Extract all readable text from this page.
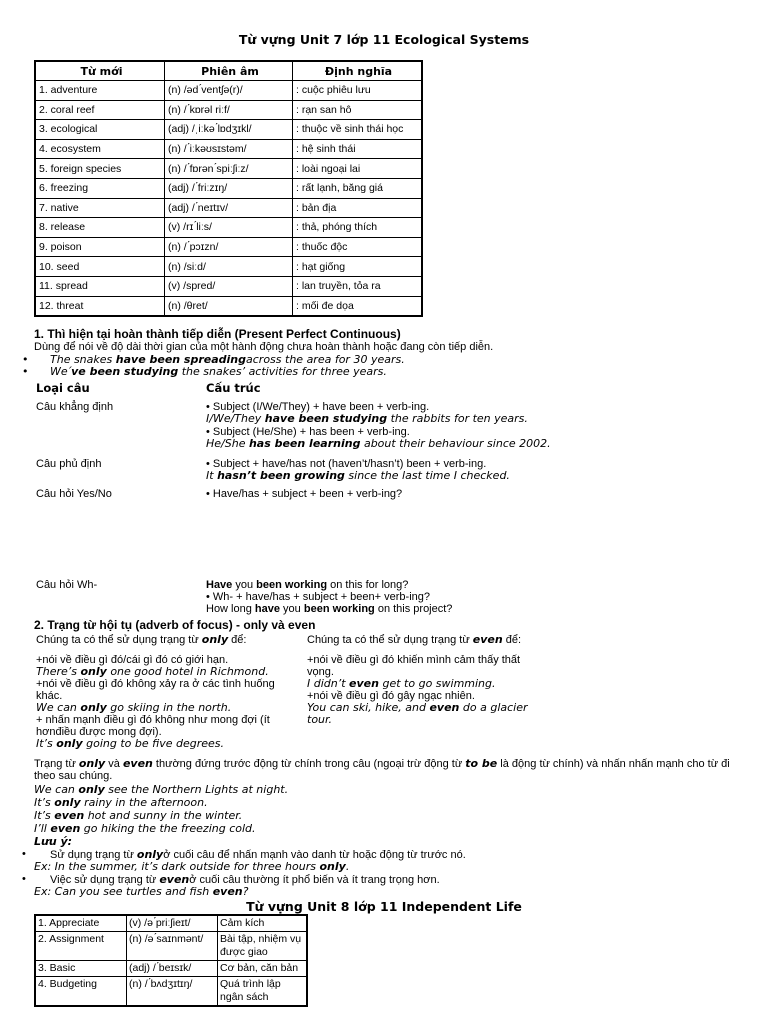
Từ vựng Unit 7 lớp 11 Ecological Systems
Từ mới	Phiên âm	Định nghĩa
1. adventure	(n) /əd ́ventʃə(r)/	: cuộc phiêu lưu
2. coral reef	(n) / ́kɒrəl riːf/	: rạn san hô
3. ecological	(adj) /ˌiːkə ́lɒdʒɪkl/	: thuộc về sinh thái học
4. ecosystem	(n) / ́iːkəʊsɪstəm/	: hệ sinh thái
5. foreign species	(n) / ́fɒrən ́spiːʃiːz/	: loài ngoại lai
6. freezing	(adj) / ́friːzɪŋ/	: rất lạnh, băng giá
7. native	(adj) / ́neɪtɪv/	: bản địa
8. release	(v) /rɪ ́liːs/	: thả, phóng thích
9. poison	(n) / ́pɔɪzn/	: thuốc độc
10. seed	(n) /siːd/	: hạt giống
11. spread	(v) /spred/	: lan truyền, tỏa ra
12. threat	(n) /θret/	: mối đe dọa
1. Thì hiện tại hoàn thành tiếp diễn (Present Perfect Continuous)
Dùng để nói về độ dài thời gian của một hành động chưa hoàn thành hoặc đang còn tiếp diễn.
• The snakes have been spreadingacross the area for 30 years.
• We ́ve been studying the snakes’ activities for three years.
Loại câu	Cấu trúc
Câu khẳng định	• Subject (I/We/They) + have been + verb-ing.
I/We/They have been studying the rabbits for ten years.
• Subject (He/She) + has been + verb-ing.
He/She has been learning about their behaviour since 2002.
Câu phủ định	• Subject + have/has not (haven’t/hasn’t) been + verb-ing.
It hasn’t been growing since the last time I checked.
Câu hỏi Yes/No	• Have/has + subject + been + verb-ing?
Câu hỏi Wh-	Have you been working on this for long?
• Wh- + have/has + subject + been+ verb-ing?
How long have you been working on this project?
2. Trạng từ hội tụ (adverb of focus) - only và even
Chúng ta có thể sử dụng trạng từ only để:
+nói về điều gì đó/cái gì đó có giới hạn.
There’s only one good hotel in Richmond.
+nói về điều gì đó không xảy ra ở các tình huống khác.
We can only go skiing in the north.
+ nhấn mạnh điều gì đó không như mong đợi (ít hơnđiều được mong đợi).
It’s only going to be five degrees.
Chúng ta có thể sử dụng trạng từ even để:
+nói về điều gì đó khiến mình cảm thấy thất vọng.
I didn’t even get to go swimming.
+nói về điều gì đó gây ngạc nhiên.
You can ski, hike, and even do a glacier tour.
Trạng từ only và even thường đứng trước động từ chính trong câu (ngoại trừ động từ to be là động từ chính) và nhấn nhấn mạnh cho từ đi theo sau chúng.
We can only see the Northern Lights at night.
It’s only rainy in the afternoon.
It’s even hot and sunny in the winter.
I’ll even go hiking the the freezing cold.
Lưu ý:
• Sử dụng trạng từ onlyở cuối câu để nhấn mạnh vào danh từ hoặc động từ trước nó.
Ex: In the summer, it’s dark outside for three hours only.
• Việc sử dụng trạng từ evenở cuối câu thường ít phổ biến và ít trang trọng hơn.
Ex: Can you see turtles and fish even?
Từ vựng Unit 8 lớp 11 Independent Life
1. Appreciate	(v) /ə ́priːʃieɪt/	Cảm kích
2. Assignment	(n) /ə ́saɪnmənt/	Bài tập, nhiệm vụ được giao
3. Basic	(adj) / ́beɪsɪk/	Cơ bản, căn bản
4. Budgeting	(n) / ́bʌdʒɪtɪŋ/	Quá trình lập ngân sách
